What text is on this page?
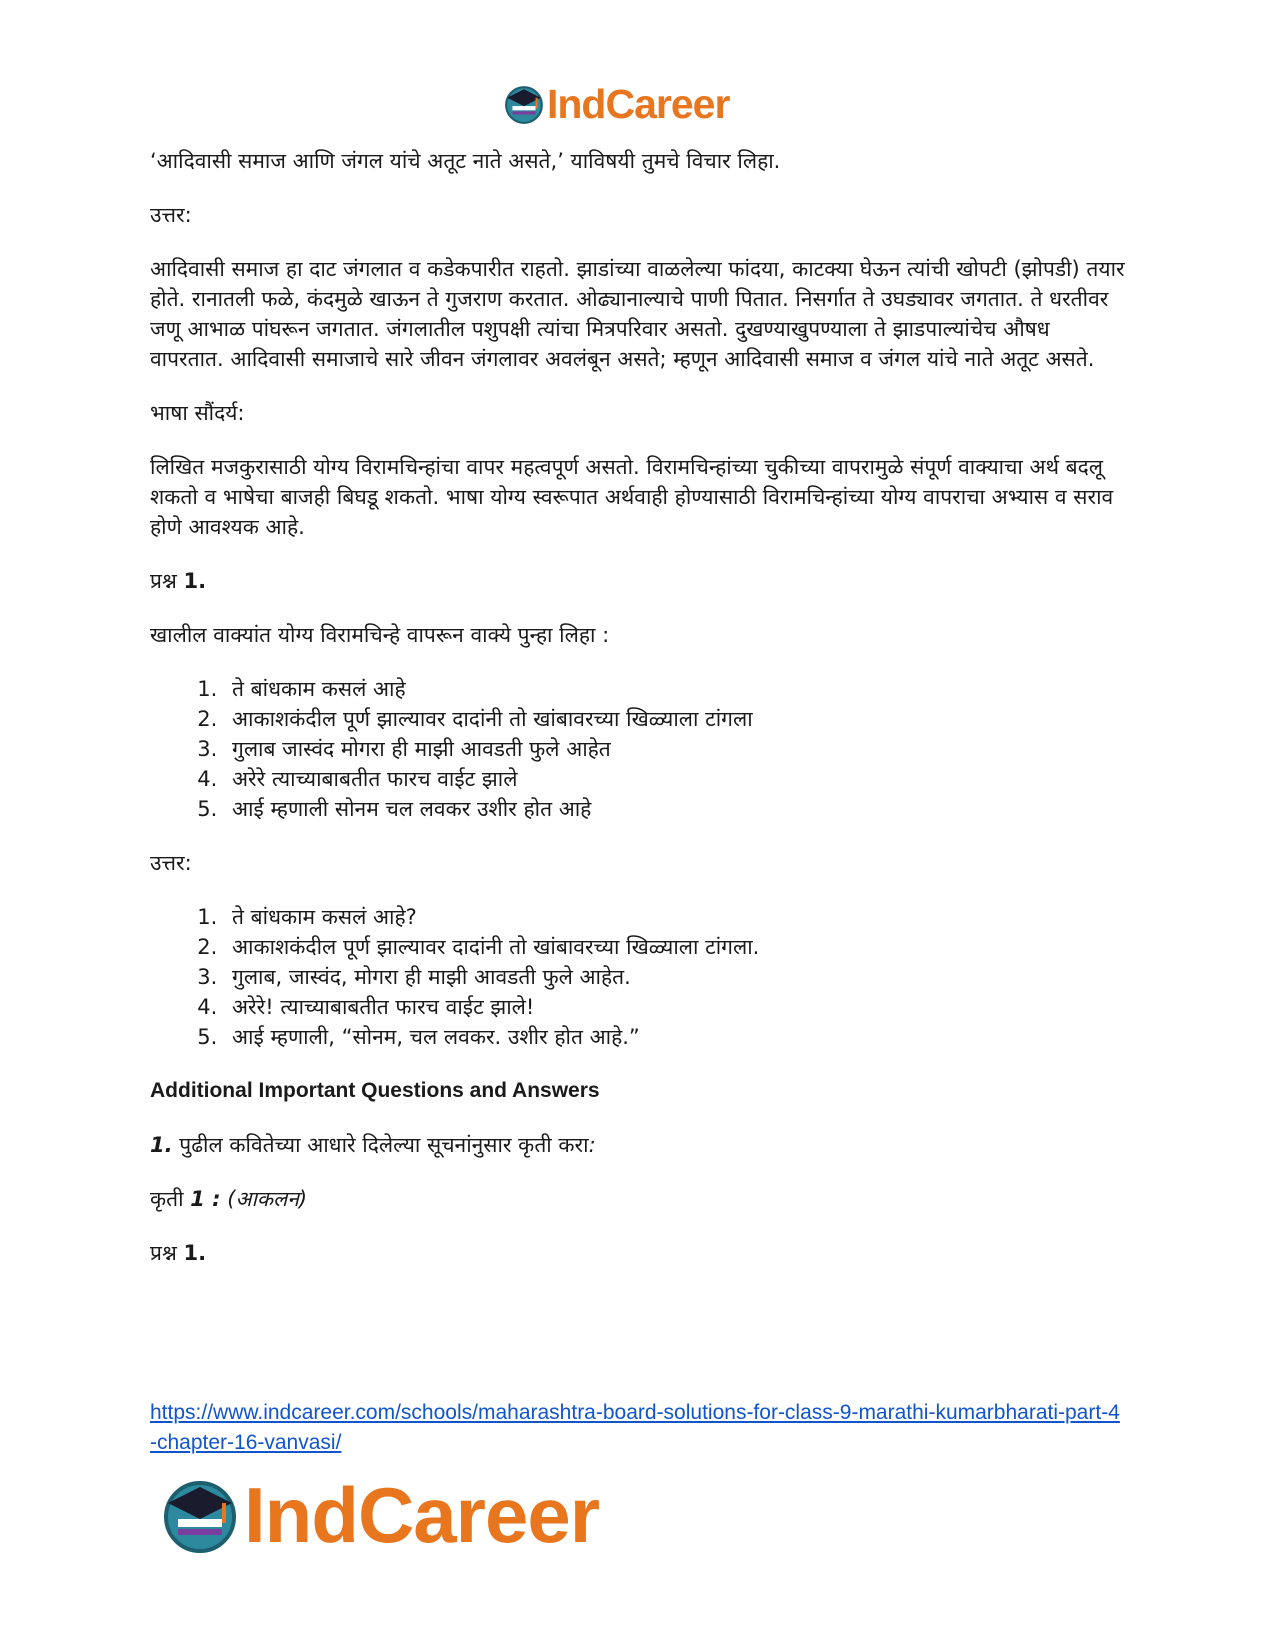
IndCareer

‘आदिवासी समाज आणि जंगल यांचे अतूट नाते असते,’ याविषयी तुमचे विचार लिहा.

उत्तर:

आदिवासी समाज हा दाट जंगलात व कडेकपारीत राहतो. झाडांच्या वाळलेल्या फांदया, काटक्या घेऊन त्यांची खोपटी (झोपडी) तयार होते. रानातली फळे, कंदमुळे खाऊन ते गुजराण करतात. ओढ्यानाल्याचे पाणी पितात. निसर्गात ते उघड्यावर जगतात. ते धरतीवर जणू आभाळ पांघरून जगतात. जंगलातील पशुपक्षी त्यांचा मित्रपरिवार असतो. दुखण्याखुपण्याला ते झाडपाल्यांचेच औषध वापरतात. आदिवासी समाजाचे सारे जीवन जंगलावर अवलंबून असते; म्हणून आदिवासी समाज व जंगल यांचे नाते अतूट असते.

भाषा सौंदर्य:

लिखित मजकुरासाठी योग्य विरामचिन्हांचा वापर महत्वपूर्ण असतो. विरामचिन्हांच्या चुकीच्या वापरामुळे संपूर्ण वाक्याचा अर्थ बदलू शकतो व भाषेचा बाजही बिघडू शकतो. भाषा योग्य स्वरूपात अर्थवाही होण्यासाठी विरामचिन्हांच्या योग्य वापराचा अभ्यास व सराव होणे आवश्यक आहे.

प्रश्न 1.

खालील वाक्यांत योग्य विरामचिन्हे वापरून वाक्ये पुन्हा लिहा :

1. ते बांधकाम कसलं आहे
2. आकाशकंदील पूर्ण झाल्यावर दादांनी तो खांबावरच्या खिळ्याला टांगला
3. गुलाब जास्वंद मोगरा ही माझी आवडती फुले आहेत
4. अरेरे त्याच्याबाबतीत फारच वाईट झाले
5. आई म्हणाली सोनम चल लवकर उशीर होत आहे

उत्तर:

1. ते बांधकाम कसलं आहे?
2. आकाशकंदील पूर्ण झाल्यावर दादांनी तो खांबावरच्या खिळ्याला टांगला.
3. गुलाब, जास्वंद, मोगरा ही माझी आवडती फुले आहेत.
4. अरेरे! त्याच्याबाबतीत फारच वाईट झाले!
5. आई म्हणाली, “सोनम, चल लवकर. उशीर होत आहे.”

Additional Important Questions and Answers

1. पुढील कवितेच्या आधारे दिलेल्या सूचनांनुसार कृती करा:

कृती 1 : (आकलन)

प्रश्न 1.

https://www.indcareer.com/schools/maharashtra-board-solutions-for-class-9-marathi-kumarbharati-part-4-chapter-16-vanvasi/
IndCareer
